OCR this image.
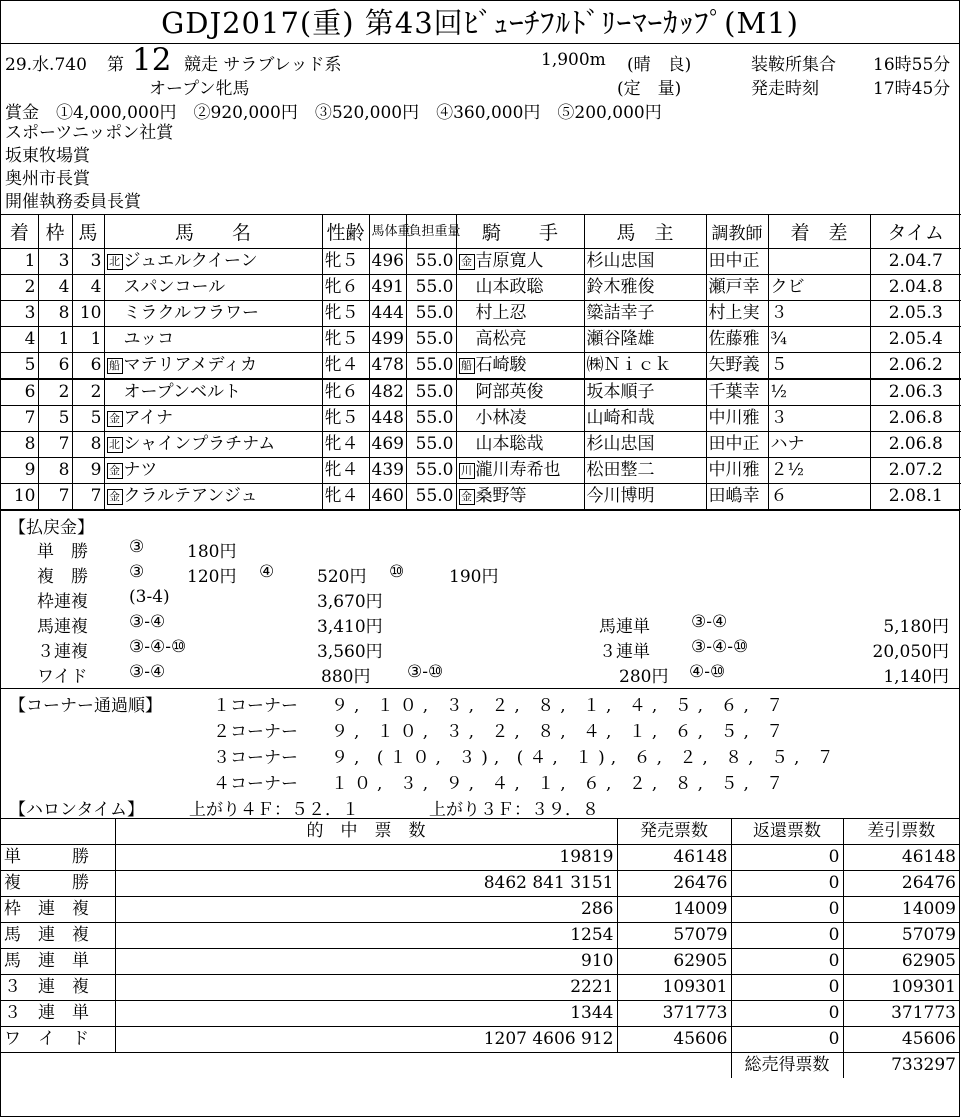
GDJ2017(重) 第43回ﾋﾞｭｰﾁﾌﾙﾄﾞﾘｰﾏｰｶｯﾌﾟ(M1)
29.水.740 第 12 競走 サラブレッド系
オープン牝馬
1,900m (晴　良)
(定　量)
装鞍所集合 16時55分
発走時刻	17時45分
賞金　①4,000,000円　②920,000円　③520,000円　④360,000円　⑤200,000円
スポーツニッポン社賞
坂東牧場賞
奥州市長賞
開催執務委員長賞
着	枠	馬	馬　　名	性齢	馬体重	負担重量	騎　　手	馬　主	調教師	着　差	タイム
1	3	3	北 ジュエルクイーン	牝５	496	55.0	金 吉原寛人	杉山忠国	田中正		2.04.7
2	4	4	スパンコール	牝６	491	55.0	山本政聡	鈴木雅俊	瀬戸幸	クビ	2.04.8
3	8	10	ミラクルフラワー	牝５	444	55.0	村上忍	簗詰幸子	村上実	３	2.05.3
4	1	1	ユッコ	牝５	499	55.0	高松亮	瀬谷隆雄	佐藤雅	¾	2.05.4
5	6	6	船 マテリアメディカ	牝４	478	55.0	船 石崎駿	㈱Ｎｉｃｋ	矢野義	５	2.06.2
6	2	2	オープンベルト	牝６	482	55.0	阿部英俊	坂本順子	千葉幸	½	2.06.3
7	5	5	金 アイナ	牝５	448	55.0	小林凌	山崎和哉	中川雅	３	2.06.8
8	7	8	北 シャインプラチナム	牝４	469	55.0	山本聡哉	杉山忠国	田中正	ハナ	2.06.8
9	8	9	金 ナツ	牝４	439	55.0	川 瀧川寿希也	松田整二	中川雅	２½	2.07.2
10	7	7	金 クラルテアンジュ	牝４	460	55.0	金 桑野等	今川博明	田嶋幸	６	2.08.1
【払戻金】
単　勝 ③	180円
複　勝 ③	120円 ④	520円 ⑩	190円
枠連複 (3-4)	3,670円
馬連複 ③-④	3,410円	馬連単 ③-④	5,180円
３連複 ③-④-⑩	3,560円	３連単 ③-④-⑩	20,050円
ワイド ③-④	880円 ③-⑩	280円 ④-⑩	1,140円
【コーナー通過順】	１コーナー ９, １０, ３, ２, ８, １, ４, ５, ６, ７
２コーナー ９, １０, ３, ２, ８, ４, １, ６, ５, ７
３コーナー ９, (１０, ３), (４, １), ６, ２, ８, ５, ７
４コーナー １０, ３, ９, ４, １, ６, ２, ８, ５, ７
【ハロンタイム】	上がり４Ｆ：５２．１	上がり３Ｆ：３９．８
	的　中　票　数	発売票数	返還票数	差引票数
単　　　勝	19819	46148	0	46148
複　　　勝	8462 841 3151	26476	0	26476
枠　連　複	286	14009	0	14009
馬　連　複	1254	57079	0	57079
馬　連　単	910	62905	0	62905
３　連　複	2221	109301	0	109301
３　連　単	1344	371773	0	371773
ワ　イ　ド	1207 4606 912	45606	0	45606
			総売得票数	733297
